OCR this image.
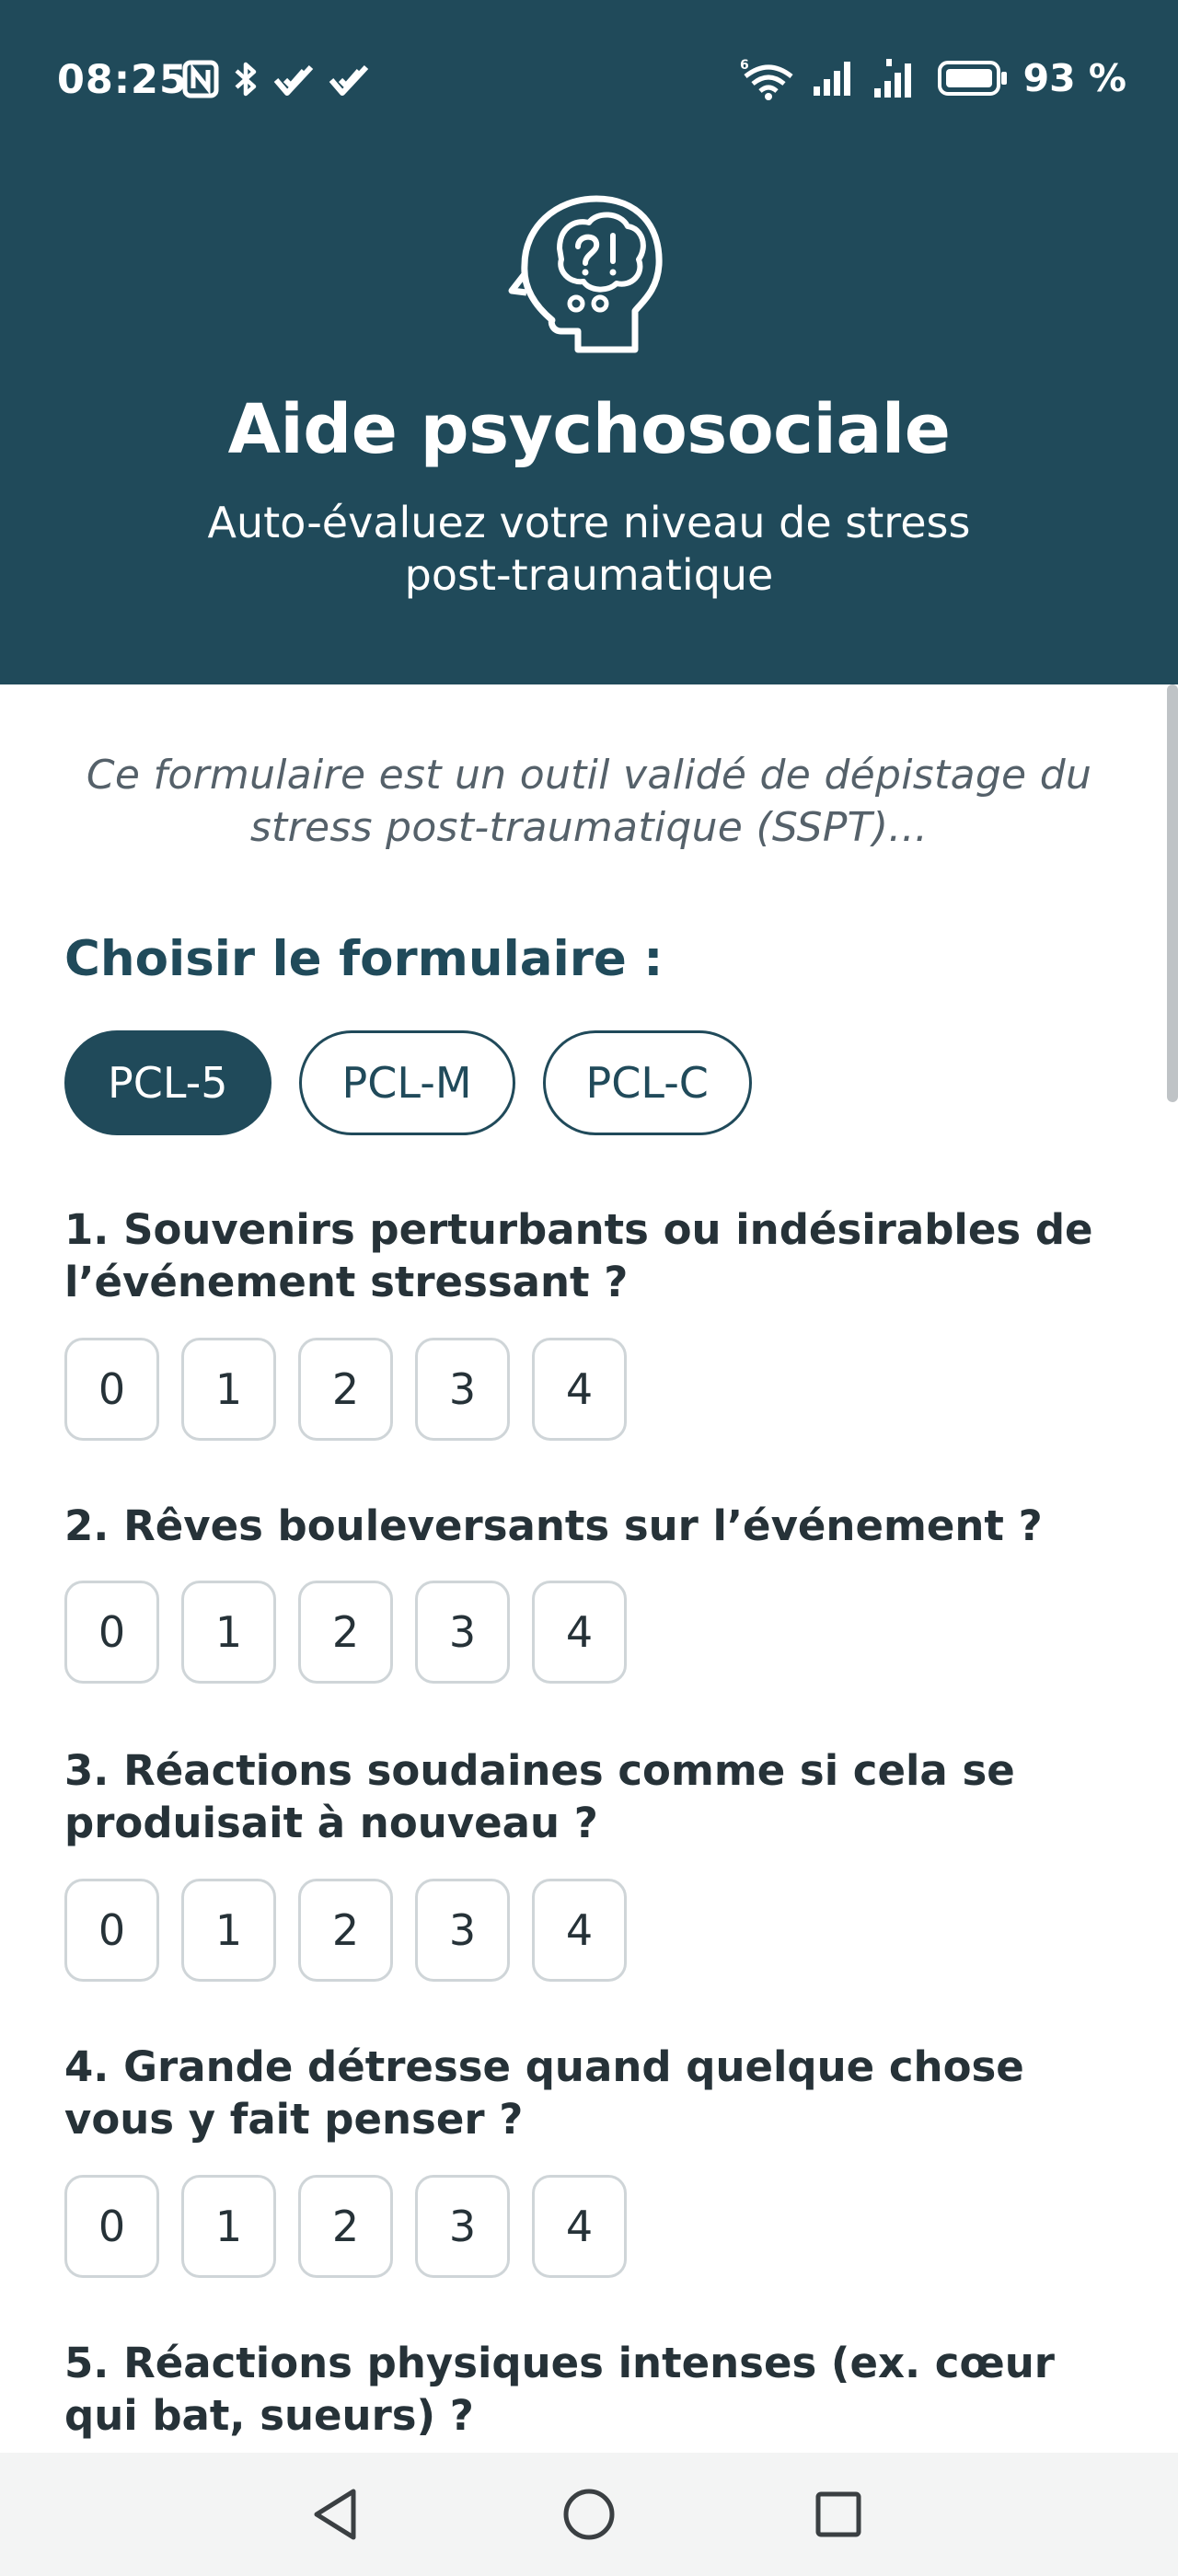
08:25	6	93 %
Aide psychosociale
Auto-évaluez votre niveau de stress post-traumatique
Ce formulaire est un outil validé de dépistage du stress post-traumatique (SSPT)...
Choisir le formulaire :
PCL-5	PCL-M	PCL-C
1. Souvenirs perturbants ou indésirables de l’événement stressant ?
0	1	2	3	4
2. Rêves bouleversants sur l’événement ?
0	1	2	3	4
3. Réactions soudaines comme si cela se produisait à nouveau ?
0	1	2	3	4
4. Grande détresse quand quelque chose vous y fait penser ?
0	1	2	3	4
5. Réactions physiques intenses (ex. cœur qui bat, sueurs) ?
